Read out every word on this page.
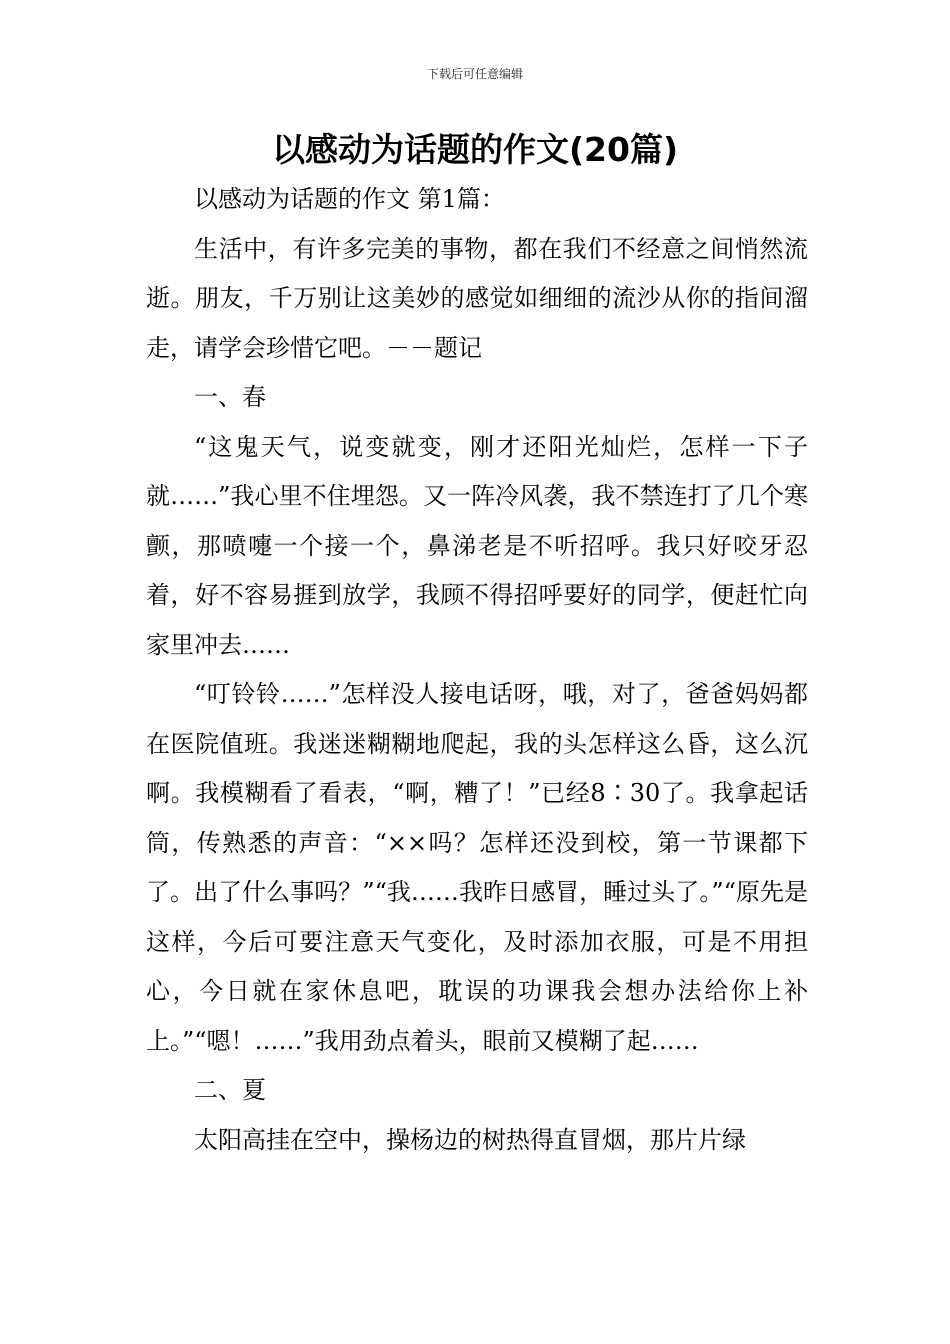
下载后可任意编辑
以感动为话题的作文(20篇)

以感动为话题的作文 第1篇：

生活中，有许多完美的事物，都在我们不经意之间悄然流逝。朋友，千万别让这美妙的感觉如细细的流沙从你的指间溜走，请学会珍惜它吧。－－题记

一、春

“这鬼天气，说变就变，刚才还阳光灿烂，怎样一下子就……”我心里不住埋怨。又一阵冷风袭，我不禁连打了几个寒颤，那喷嚏一个接一个，鼻涕老是不听招呼。我只好咬牙忍着，好不容易捱到放学，我顾不得招呼要好的同学，便赶忙向家里冲去……

“叮铃铃……”怎样没人接电话呀，哦，对了，爸爸妈妈都在医院值班。我迷迷糊糊地爬起，我的头怎样这么昏，这么沉啊。我模糊看了看表，“啊，糟了！”已经8∶30了。我拿起话筒，传熟悉的声音：“××吗？怎样还没到校，第一节课都下了。出了什么事吗？”“我……我昨日感冒，睡过头了。”“原先是这样，今后可要注意天气变化，及时添加衣服，可是不用担心，今日就在家休息吧，耽误的功课我会想办法给你上补上。”“嗯！……”我用劲点着头，眼前又模糊了起……

二、夏

太阳高挂在空中，操杨边的树热得直冒烟，那片片绿
